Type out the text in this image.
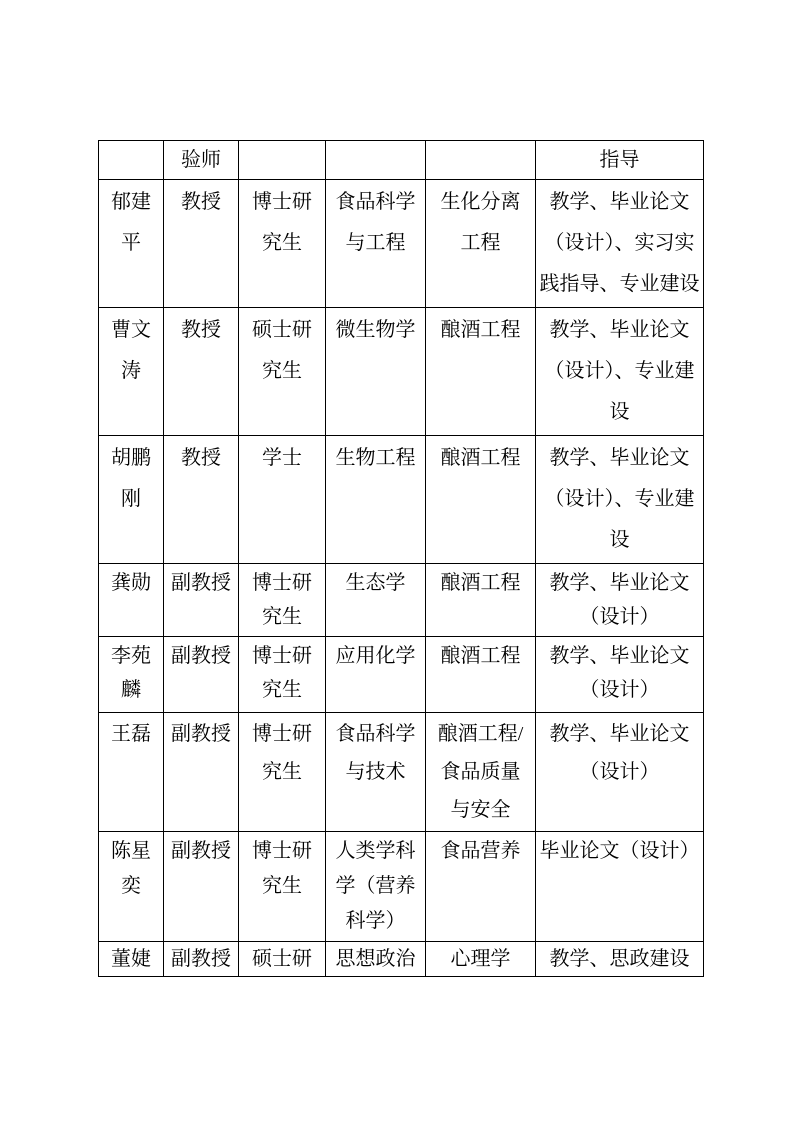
	验师				指导
郁建平	教授	博士研究生	食品科学与工程	生化分离工程	教学、毕业论文（设计）、实习实践指导、专业建设
曹文涛	教授	硕士研究生	微生物学	酿酒工程	教学、毕业论文（设计）、专业建设
胡鹏刚	教授	学士	生物工程	酿酒工程	教学、毕业论文（设计）、专业建设
龚勋	副教授	博士研究生	生态学	酿酒工程	教学、毕业论文（设计）
李苑麟	副教授	博士研究生	应用化学	酿酒工程	教学、毕业论文（设计）
王磊	副教授	博士研究生	食品科学与技术	酿酒工程/食品质量与安全	教学、毕业论文（设计）
陈星奕	副教授	博士研究生	人类学科学（营养科学）	食品营养	毕业论文（设计）
董婕	副教授	硕士研	思想政治	心理学	教学、思政建设
